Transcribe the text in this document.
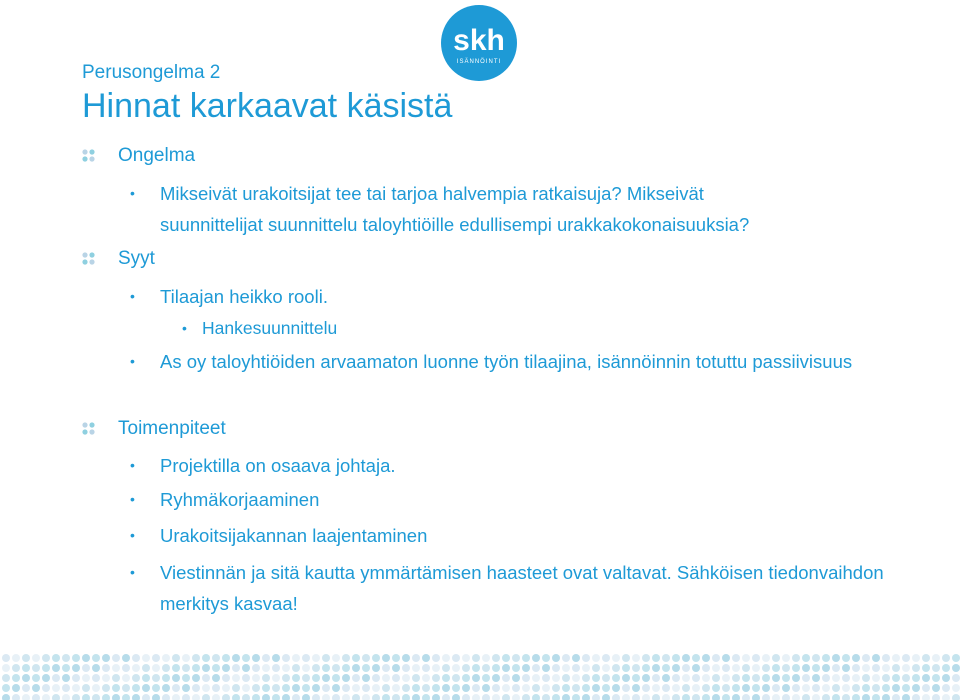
skh
ISÄNNÖINTI
Perusongelma 2
Hinnat karkaavat käsistä
Ongelma
• Mikseivät urakoitsijat tee tai tarjoa halvempia ratkaisuja? Mikseivät suunnittelijat suunnittelu taloyhtiöille edullisempi urakkakokonaisuuksia?
Syyt
• Tilaajan heikko rooli.
• Hankesuunnittelu
• As oy taloyhtiöiden arvaamaton luonne työn tilaajina, isännöinnin totuttu passiivisuus
Toimenpiteet
• Projektilla on osaava johtaja.
• Ryhmäkorjaaminen
• Urakoitsijakannan laajentaminen
• Viestinnän ja sitä kautta ymmärtämisen haasteet ovat valtavat. Sähköisen tiedonvaihdon merkitys kasvaa!
